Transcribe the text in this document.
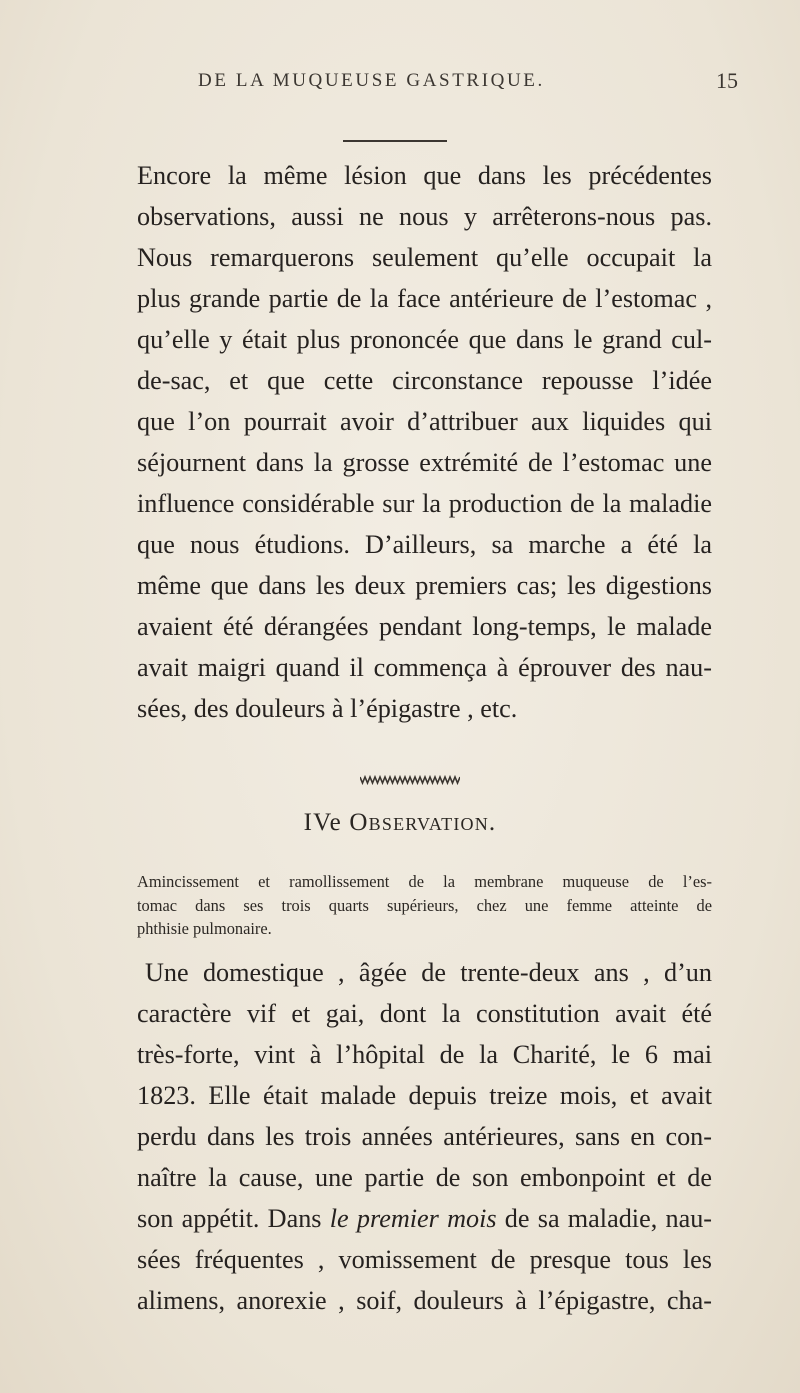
DE LA MUQUEUSE GASTRIQUE.	15
Encore la même lésion que dans les précédentes
observations, aussi ne nous y arrêterons-nous pas.
Nous remarquerons seulement qu’elle occupait la
plus grande partie de la face antérieure de l’estomac ,
qu’elle y était plus prononcée que dans le grand cul-
de-sac, et que cette circonstance repousse l’idée
que l’on pourrait avoir d’attribuer aux liquides qui
séjournent dans la grosse extrémité de l’estomac une
influence considérable sur la production de la maladie
que nous étudions. D’ailleurs, sa marche a été la
même que dans les deux premiers cas; les digestions
avaient été dérangées pendant long-temps, le malade
avait maigri quand il commença à éprouver des nau-
sées, des douleurs à l’épigastre , etc.
IVe Observation.
Amincissement et ramollissement de la membrane muqueuse de l’es-
tomac dans ses trois quarts supérieurs, chez une femme atteinte de
phthisie pulmonaire.
Une domestique , âgée de trente-deux ans , d’un
caractère vif et gai, dont la constitution avait été
très-forte, vint à l’hôpital de la Charité, le 6 mai
1823. Elle était malade depuis treize mois, et avait
perdu dans les trois années antérieures, sans en con-
naître la cause, une partie de son embonpoint et de
son appétit. Dans le premier mois de sa maladie, nau-
sées fréquentes , vomissement de presque tous les
alimens, anorexie , soif, douleurs à l’épigastre, cha-
